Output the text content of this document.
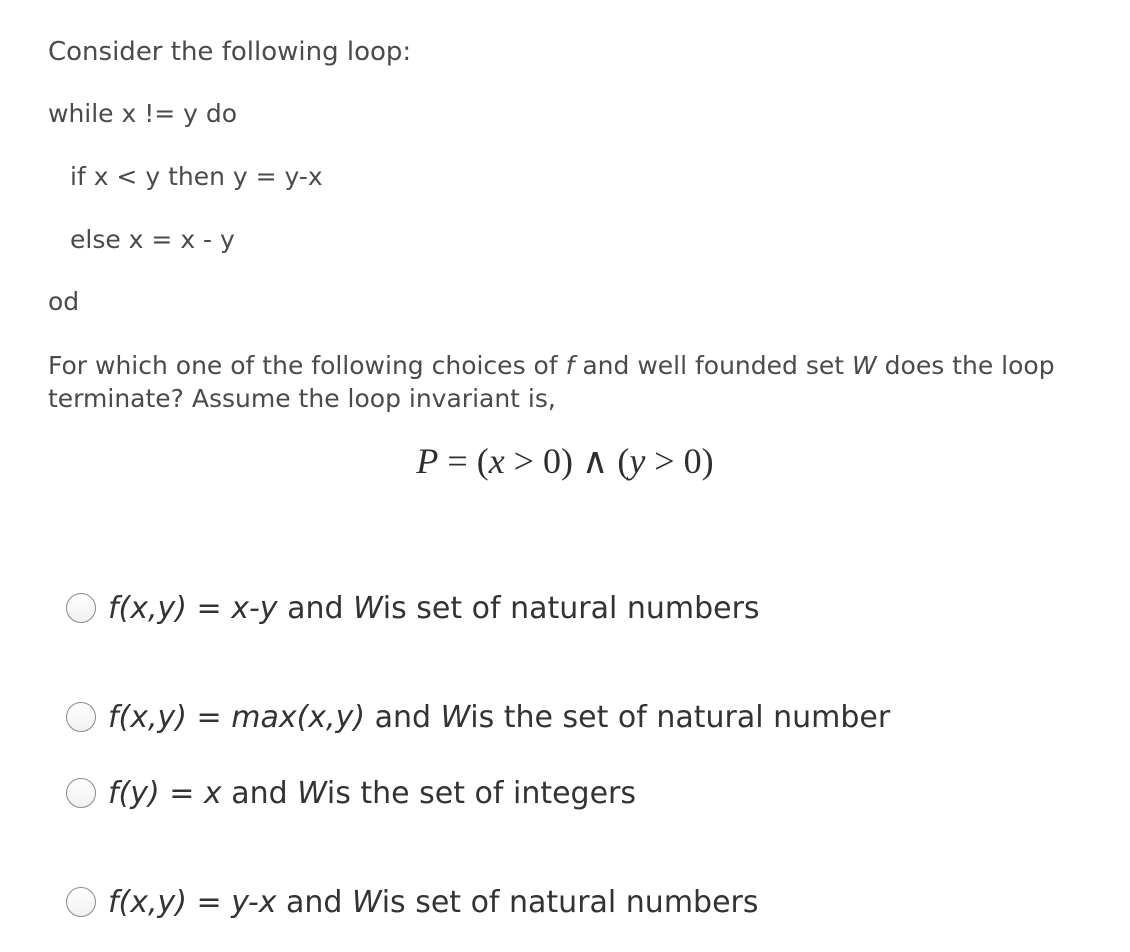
Consider the following loop:
while x != y do
if x < y then y = y-x
else x = x - y
od
For which one of the following choices of f and well founded set W does the loop terminate? Assume the loop invariant is,
P = (x > 0) ∧ (y > 0)
f(x,y) = x-y and Wis set of natural numbers
f(x,y) = max(x,y) and Wis the set of natural number
f(y) = x and Wis the set of integers
f(x,y) = y-x and Wis set of natural numbers
